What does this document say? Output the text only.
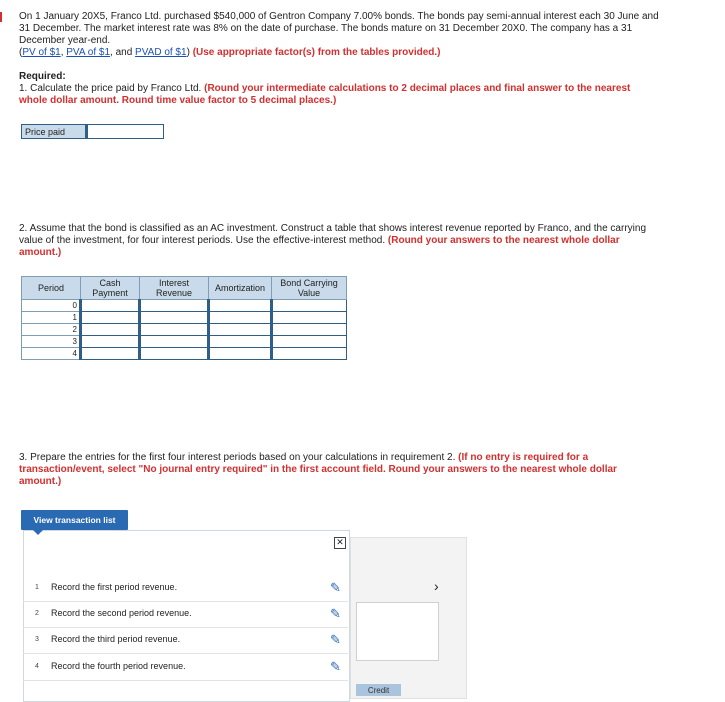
On 1 January 20X5, Franco Ltd. purchased $540,000 of Gentron Company 7.00% bonds. The bonds pay semi-annual interest each 30 June and 31 December. The market interest rate was 8% on the date of purchase. The bonds mature on 31 December 20X0. The company has a 31 December year-end.
(PV of $1, PVA of $1, and PVAD of $1) (Use appropriate factor(s) from the tables provided.)
Required:
1. Calculate the price paid by Franco Ltd. (Round your intermediate calculations to 2 decimal places and final answer to the nearest whole dollar amount. Round time value factor to 5 decimal places.)
Price paid
2. Assume that the bond is classified as an AC investment. Construct a table that shows interest revenue reported by Franco, and the carrying value of the investment, for four interest periods. Use the effective-interest method. (Round your answers to the nearest whole dollar amount.)
Period	Cash Payment	Interest Revenue	Amortization	Bond Carrying Value
0				
1				
2				
3				
4				
3. Prepare the entries for the first four interest periods based on your calculations in requirement 2. (If no entry is required for a transaction/event, select "No journal entry required" in the first account field. Round your answers to the nearest whole dollar amount.)
View transaction list
✕
›
Credit
1 Record the first period revenue.	✎
2 Record the second period revenue.	✎
3 Record the third period revenue.	✎
4 Record the fourth period revenue.	✎
